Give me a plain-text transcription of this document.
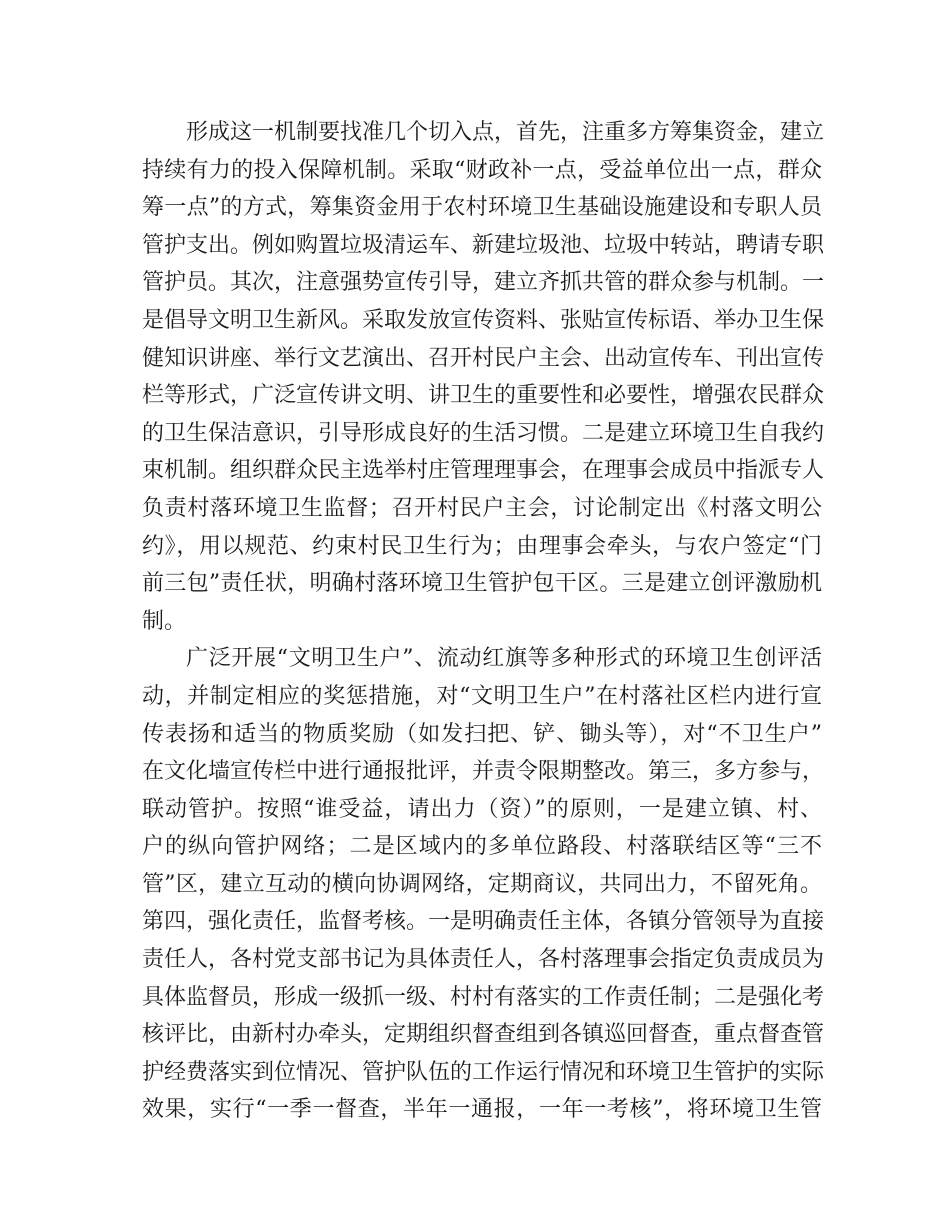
形成这一机制要找准几个切入点，首先，注重多方筹集资金，建立
持续有力的投入保障机制。采取“财政补一点，受益单位出一点，群众
筹一点”的方式，筹集资金用于农村环境卫生基础设施建设和专职人员
管护支出。例如购置垃圾清运车、新建垃圾池、垃圾中转站，聘请专职
管护员。其次，注意强势宣传引导，建立齐抓共管的群众参与机制。一
是倡导文明卫生新风。采取发放宣传资料、张贴宣传标语、举办卫生保
健知识讲座、举行文艺演出、召开村民户主会、出动宣传车、刊出宣传
栏等形式，广泛宣传讲文明、讲卫生的重要性和必要性，增强农民群众
的卫生保洁意识，引导形成良好的生活习惯。二是建立环境卫生自我约
束机制。组织群众民主选举村庄管理理事会，在理事会成员中指派专人
负责村落环境卫生监督；召开村民户主会，讨论制定出《村落文明公
约》，用以规范、约束村民卫生行为；由理事会牵头，与农户签定“门
前三包”责任状，明确村落环境卫生管护包干区。三是建立创评激励机
制。
广泛开展“文明卫生户”、流动红旗等多种形式的环境卫生创评活
动，并制定相应的奖惩措施，对“文明卫生户”在村落社区栏内进行宣
传表扬和适当的物质奖励（如发扫把、铲、锄头等），对“不卫生户”
在文化墙宣传栏中进行通报批评，并责令限期整改。第三，多方参与，
联动管护。按照“谁受益，请出力（资）”的原则，一是建立镇、村、
户的纵向管护网络；二是区域内的多单位路段、村落联结区等“三不
管”区，建立互动的横向协调网络，定期商议，共同出力，不留死角。
第四，强化责任，监督考核。一是明确责任主体，各镇分管领导为直接
责任人，各村党支部书记为具体责任人，各村落理事会指定负责成员为
具体监督员，形成一级抓一级、村村有落实的工作责任制；二是强化考
核评比，由新村办牵头，定期组织督查组到各镇巡回督查，重点督查管
护经费落实到位情况、管护队伍的工作运行情况和环境卫生管护的实际
效果，实行“一季一督查，半年一通报，一年一考核”，将环境卫生管
